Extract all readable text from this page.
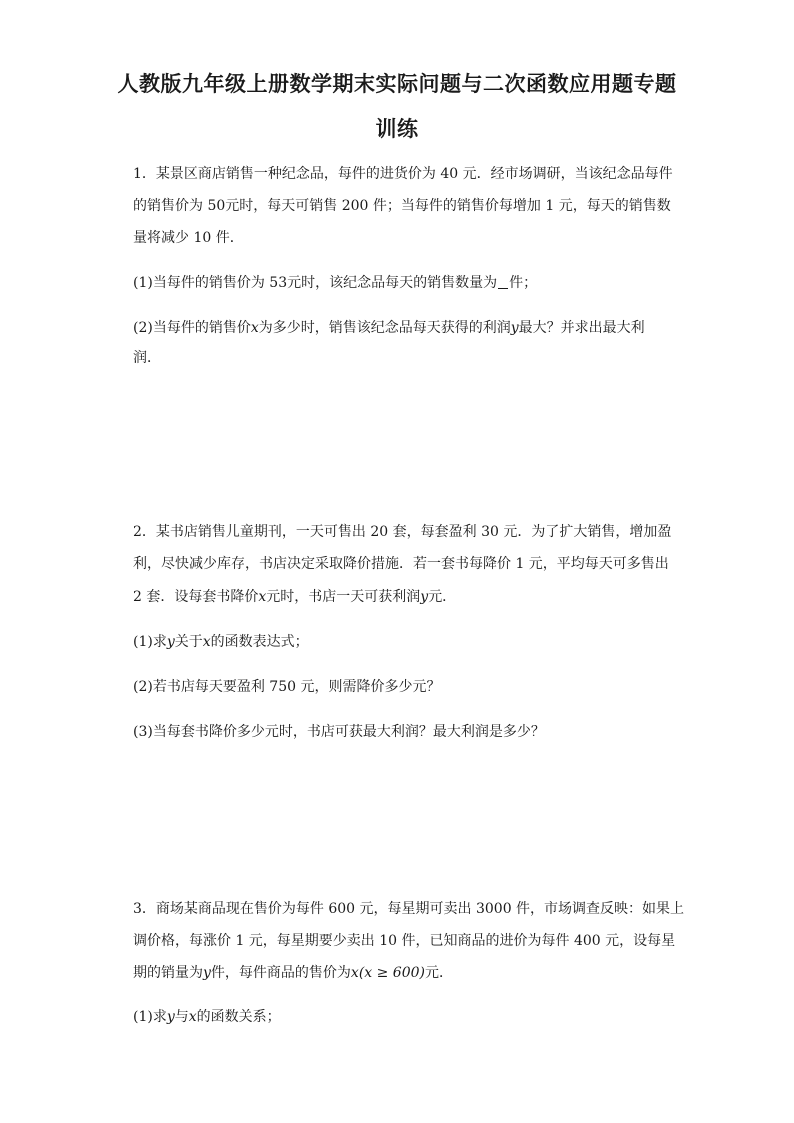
人教版九年级上册数学期末实际问题与二次函数应用题专题
训练
1．某景区商店销售一种纪念品，每件的进货价为 40 元．经市场调研，当该纪念品每件
的销售价为 50元时，每天可销售 200 件；当每件的销售价每增加 1 元，每天的销售数
量将减少 10 件．
(1)当每件的销售价为 53元时，该纪念品每天的销售数量为 件；
(2)当每件的销售价x为多少时，销售该纪念品每天获得的利润y最大？并求出最大利
润．
2．某书店销售儿童期刊，一天可售出 20 套，每套盈利 30 元．为了扩大销售，增加盈
利，尽快减少库存，书店决定采取降价措施．若一套书每降价 1 元，平均每天可多售出
2 套．设每套书降价x元时，书店一天可获利润y元．
(1)求y关于x的函数表达式；
(2)若书店每天要盈利 750 元，则需降价多少元？
(3)当每套书降价多少元时，书店可获最大利润？最大利润是多少？
3．商场某商品现在售价为每件 600 元，每星期可卖出 3000 件，市场调查反映：如果上
调价格，每涨价 1 元，每星期要少卖出 10 件，已知商品的进价为每件 400 元，设每星
期的销量为y件，每件商品的售价为x(x ≥ 600)元．
(1)求y与x的函数关系；
